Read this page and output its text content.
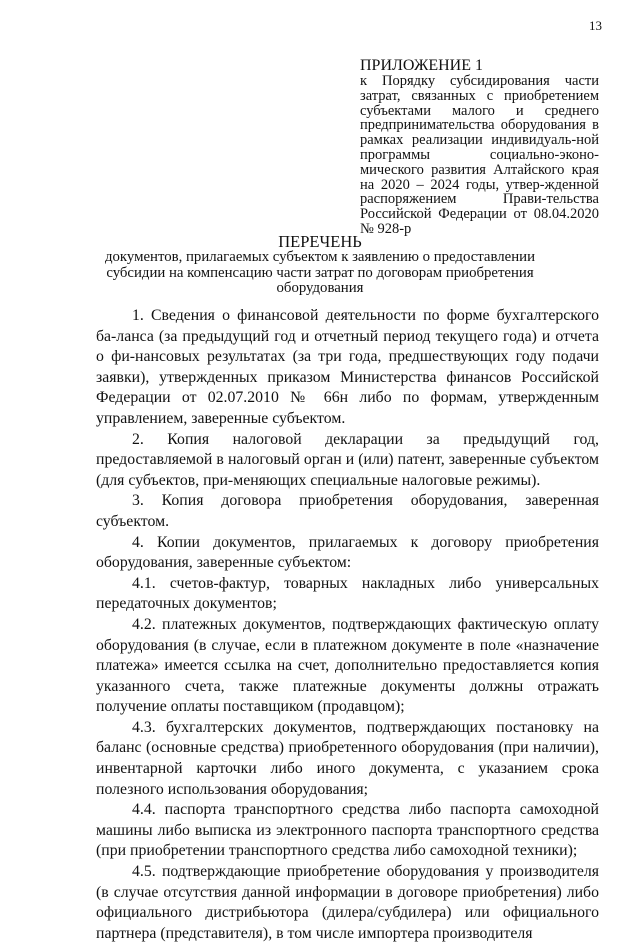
13

ПРИЛОЖЕНИЕ 1

к Порядку субсидирования части затрат, связанных с приобретением субъектами малого и среднего предпринимательства оборудования в рамках реализации индивидуаль-ной программы социально-эконо-мического развития Алтайского края на 2020 – 2024 годы, утвер-жденной распоряжением Прави-тельства Российской Федерации от 08.04.2020 № 928-р

ПЕРЕЧЕНЬ

документов, прилагаемых субъектом к заявлению о предоставлении субсидии на компенсацию части затрат по договорам приобретения оборудования

1. Сведения о финансовой деятельности по форме бухгалтерского ба-ланса (за предыдущий год и отчетный период текущего года) и отчета о фи-нансовых результатах (за три года, предшествующих году подачи заявки), утвержденных приказом Министерства финансов Российской Федерации от 02.07.2010 № 66н либо по формам, утвержденным управлением, заверенные субъектом.

2. Копия налоговой декларации за предыдущий год, предоставляемой в налоговый орган и (или) патент, заверенные субъектом (для субъектов, при-меняющих специальные налоговые режимы).

3. Копия договора приобретения оборудования, заверенная субъектом.

4. Копии документов, прилагаемых к договору приобретения оборудования, заверенные субъектом:

4.1. счетов-фактур, товарных накладных либо универсальных передаточных документов;

4.2. платежных документов, подтверждающих фактическую оплату оборудования (в случае, если в платежном документе в поле «назначение платежа» имеется ссылка на счет, дополнительно предоставляется копия указанного счета, также платежные документы должны отражать получение оплаты поставщиком (продавцом);

4.3. бухгалтерских документов, подтверждающих постановку на баланс (основные средства) приобретенного оборудования (при наличии), инвентарной карточки либо иного документа, с указанием срока полезного использования оборудования;

4.4. паспорта транспортного средства либо паспорта самоходной машины либо выписка из электронного паспорта транспортного средства (при приобретении транспортного средства либо самоходной техники);

4.5. подтверждающие приобретение оборудования у производителя (в случае отсутствия данной информации в договоре приобретения) либо официального дистрибьютора (дилера/субдилера) или официального партнера (представителя), в том числе импортера производителя
